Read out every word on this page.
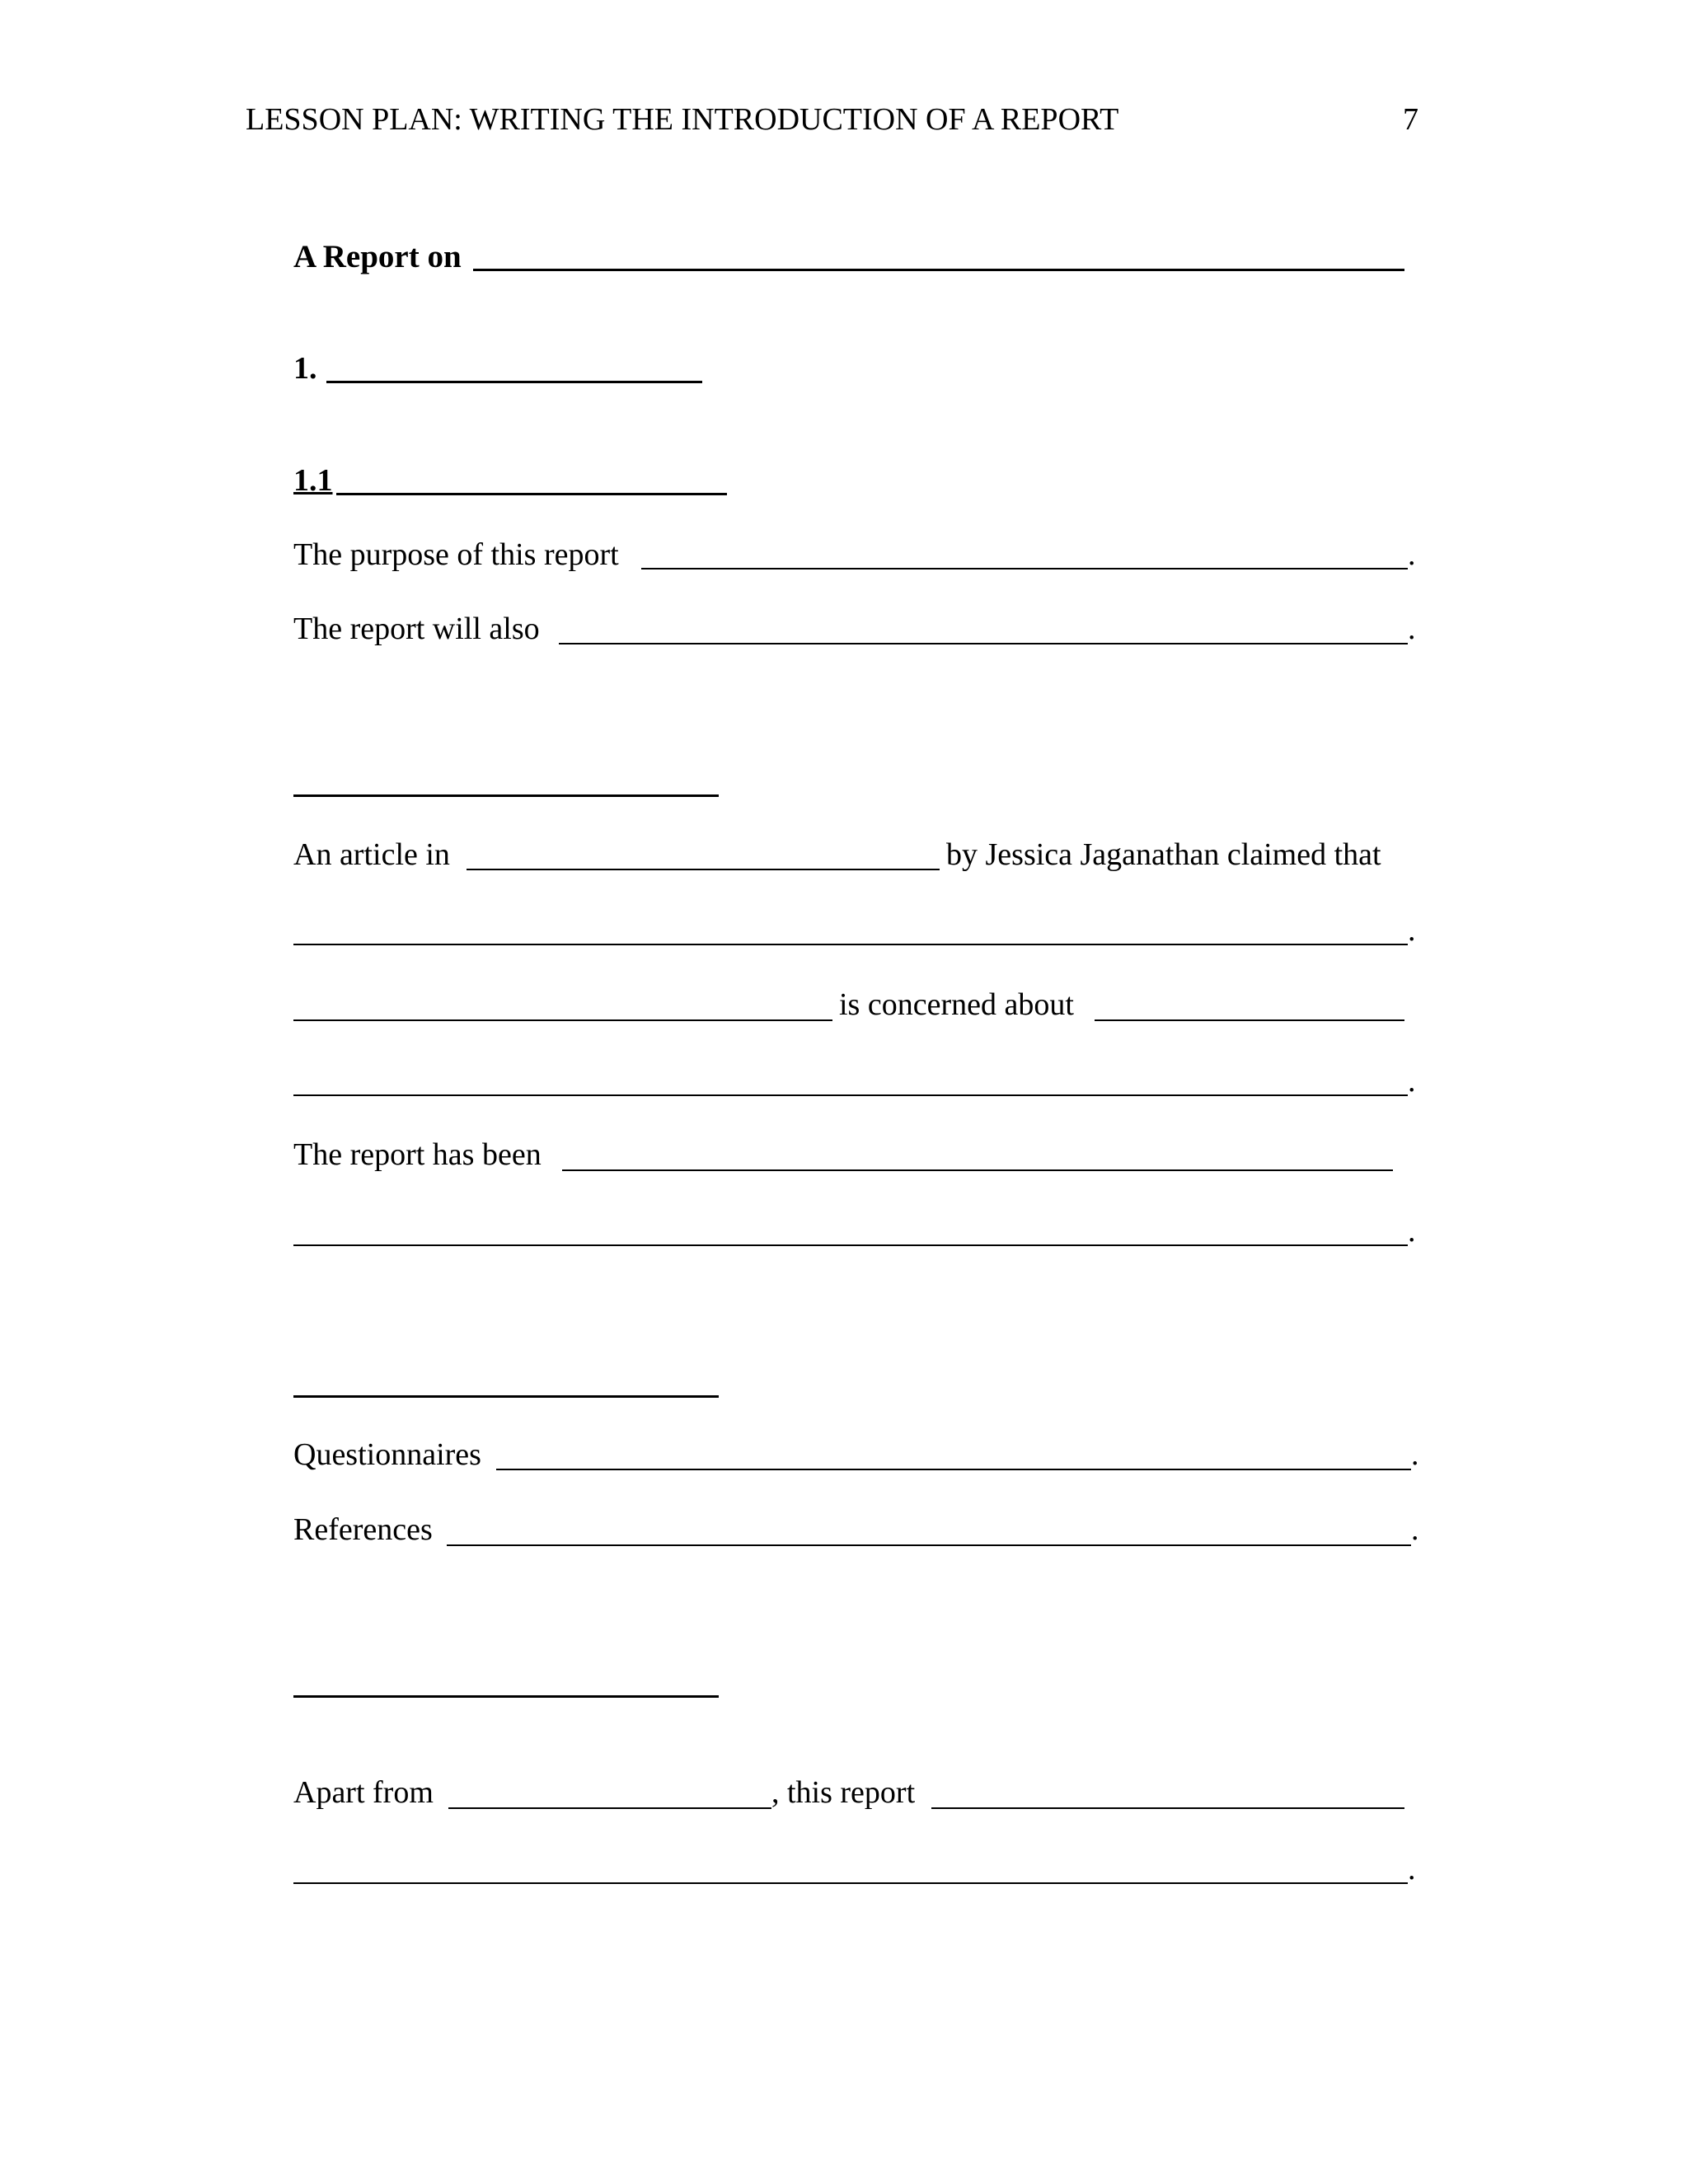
LESSON PLAN: WRITING THE INTRODUCTION OF A REPORT	7
A Report on
1.
1.1
The purpose of this report	.
The report will also	.
An article in	by Jessica Jaganathan claimed that
.
is concerned about
.
The report has been
.
Questionnaires	.
References	.
Apart from	, this report
.
